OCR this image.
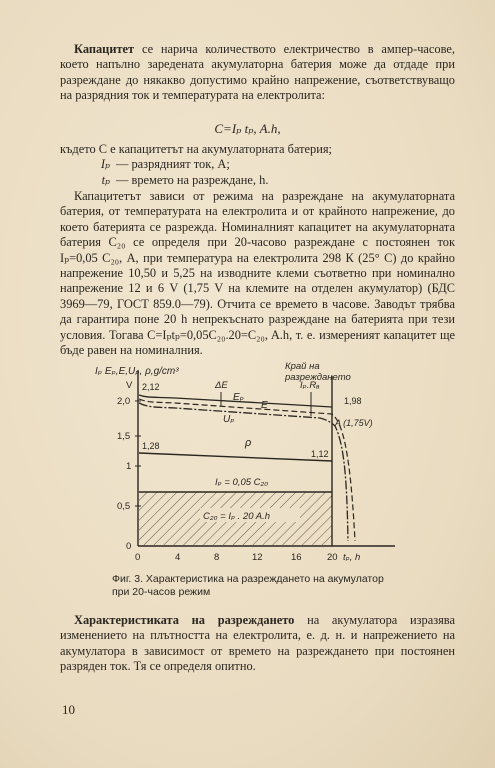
Капацитет се нарича количеството електричество в ампер-часове, което напълно заредената акумулаторна батерия може да отдаде при разреждане до някакво допустимо крайно напрежение, съответствуващо на разрядния ток и температурата на електролита:

C=Iₚ tₚ, A.h,
където C е капацитетът на акумулаторната батерия;
Iₚ — разрядният ток, А;
tₚ — времето на разреждане, h.

Капацитетът зависи от режима на разреждане на акумулаторната батерия, от температурата на електролита и от крайното напрежение, до което батерията се разрежда. Номиналният капацитет на акумулаторната батерия C₂₀ се определя при 20-часово разреждане с постоянен ток Iₚ=0,05 C₂₀, А, при температура на електролита 298 К (25° С) до крайно напрежение 10,50 и 5,25 на изводните клеми съответно при номинално напрежение 12 и 6 V (1,75 V на клемите на отделен акумулатор) (БДС 3969—79, ГОСТ 859.0—79). Отчита се времето в часове. Заводът трябва да гарантира поне 20 h непрекъснато разреждане на батерията при тези условия. Тогава C=Iₚtₚ=0,05C₂₀.20=C₂₀, A.h, т. е. измереният капацитет ще бъде равен на номиналния.

Iₚ Eₚ,E,Uₚ, ρ,g/cm³
V
0
0,5
1
1,5
2,0
0	4	8	12	16	20 tₚ, h
C₂₀ = Iₚ . 20 A.h
Iₚ = 0,05 C₂₀
Край на
разреждането
1,28
1,12
ρ
2,12
1,98
ΔE
Eₚ
E
Uₚ
Iₚ.Rₐ
A (1,75V)
Фиг. 3. Характеристика на разреждането на акумулатор при 20-часов режим

Характеристиката на разреждането на акумулатора изразява изменението на плътността на електролита, е. д. н. и напрежението на акумулатора в зависимост от времето на разреждането при постоянен разряден ток. Тя се определя опитно.

10
